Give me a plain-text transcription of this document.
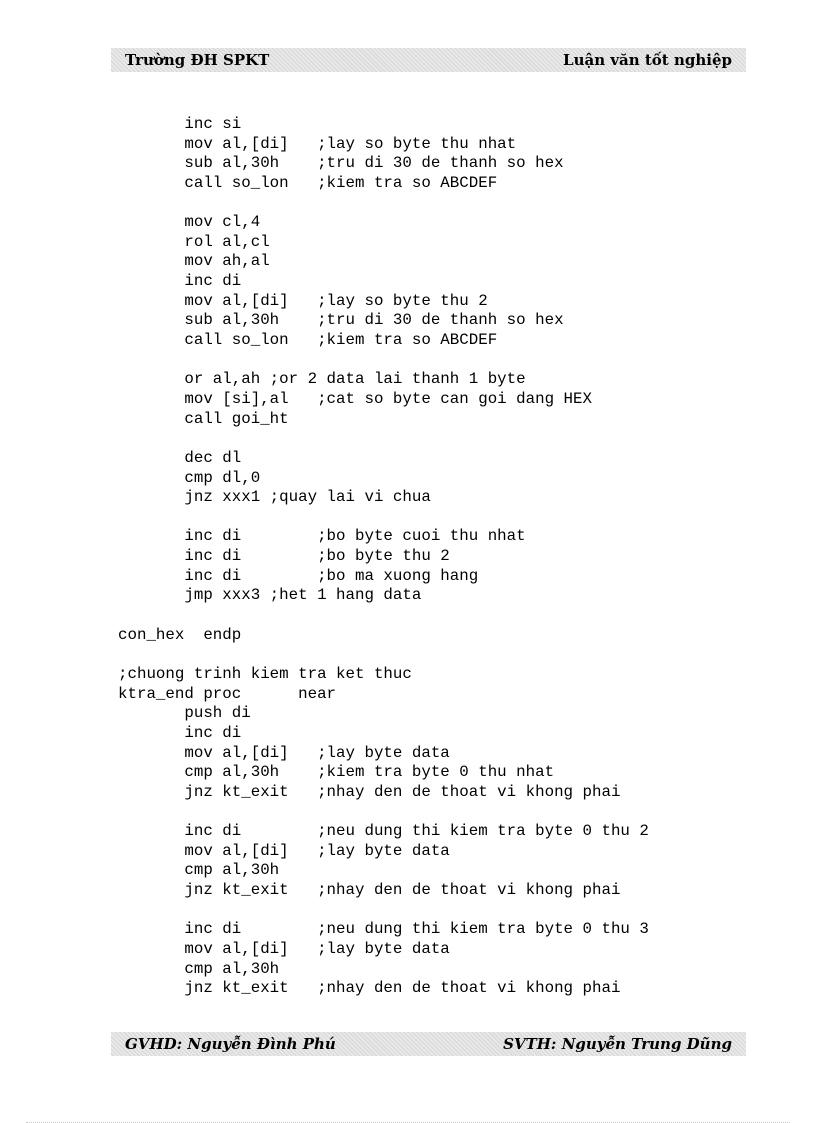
Trường ĐH SPKT	Luận văn tốt nghiệp
inc si
mov al,[di]   ;lay so byte thu nhat
sub al,30h    ;tru di 30 de thanh so hex
call so_lon   ;kiem tra so ABCDEF
mov cl,4
rol al,cl
mov ah,al
inc di
mov al,[di]   ;lay so byte thu 2
sub al,30h    ;tru di 30 de thanh so hex
call so_lon   ;kiem tra so ABCDEF
or al,ah ;or 2 data lai thanh 1 byte
mov [si],al   ;cat so byte can goi dang HEX
call goi_ht
dec dl
cmp dl,0
jnz xxx1 ;quay lai vi chua
inc di        ;bo byte cuoi thu nhat
inc di        ;bo byte thu 2
inc di        ;bo ma xuong hang
jmp xxx3 ;het 1 hang data
con_hex  endp
;chuong trinh kiem tra ket thuc
ktra_end proc      near
push di
inc di
mov al,[di]   ;lay byte data
cmp al,30h    ;kiem tra byte 0 thu nhat
jnz kt_exit   ;nhay den de thoat vi khong phai
inc di        ;neu dung thi kiem tra byte 0 thu 2
mov al,[di]   ;lay byte data
cmp al,30h
jnz kt_exit   ;nhay den de thoat vi khong phai
inc di        ;neu dung thi kiem tra byte 0 thu 3
mov al,[di]   ;lay byte data
cmp al,30h
jnz kt_exit   ;nhay den de thoat vi khong phai
GVHD: Nguyễn Đình Phú	SVTH: Nguyễn Trung Dũng
